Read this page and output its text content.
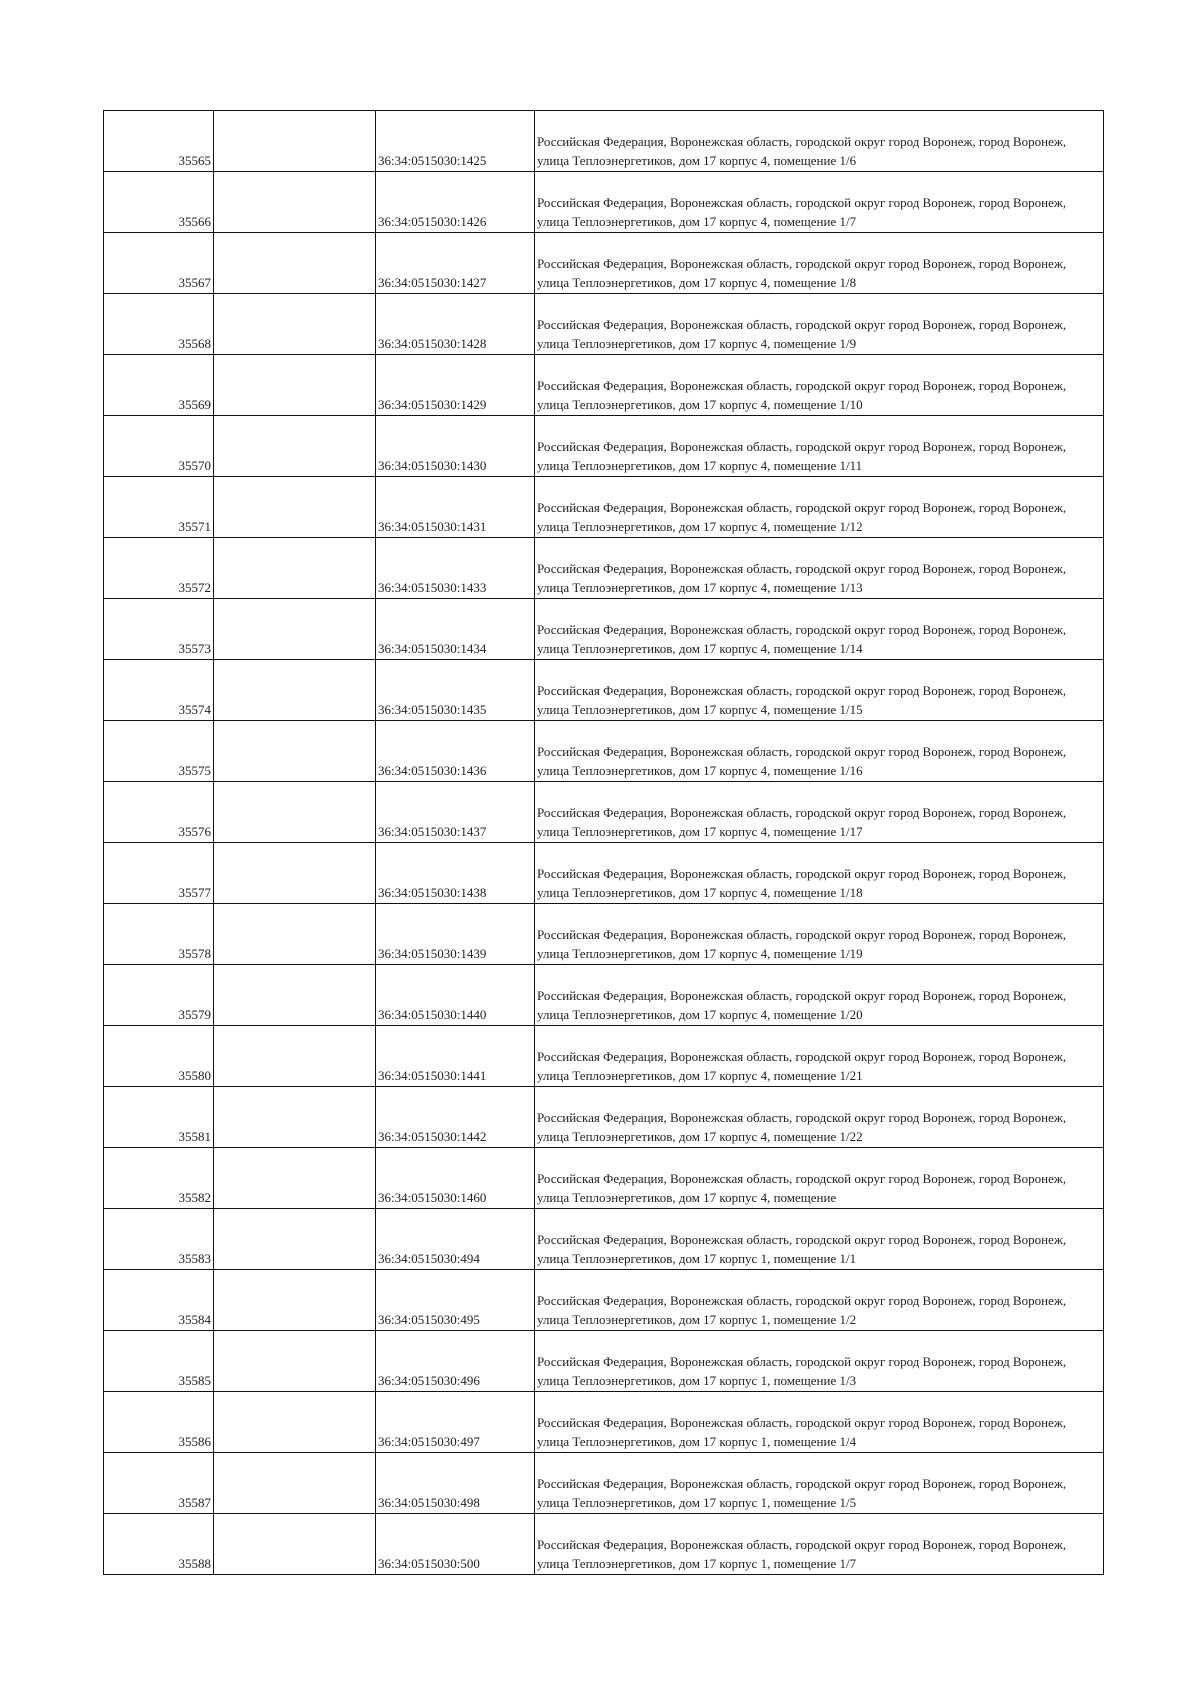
35565		36:34:0515030:1425	Российская Федерация, Воронежская область, городской округ город Воронеж, город Воронеж, улица Теплоэнергетиков, дом 17 корпус 4, помещение 1/6
35566		36:34:0515030:1426	Российская Федерация, Воронежская область, городской округ город Воронеж, город Воронеж, улица Теплоэнергетиков, дом 17 корпус 4, помещение 1/7
35567		36:34:0515030:1427	Российская Федерация, Воронежская область, городской округ город Воронеж, город Воронеж, улица Теплоэнергетиков, дом 17 корпус 4, помещение 1/8
35568		36:34:0515030:1428	Российская Федерация, Воронежская область, городской округ город Воронеж, город Воронеж, улица Теплоэнергетиков, дом 17 корпус 4, помещение 1/9
35569		36:34:0515030:1429	Российская Федерация, Воронежская область, городской округ город Воронеж, город Воронеж, улица Теплоэнергетиков, дом 17 корпус 4, помещение 1/10
35570		36:34:0515030:1430	Российская Федерация, Воронежская область, городской округ город Воронеж, город Воронеж, улица Теплоэнергетиков, дом 17 корпус 4, помещение 1/11
35571		36:34:0515030:1431	Российская Федерация, Воронежская область, городской округ город Воронеж, город Воронеж, улица Теплоэнергетиков, дом 17 корпус 4, помещение 1/12
35572		36:34:0515030:1433	Российская Федерация, Воронежская область, городской округ город Воронеж, город Воронеж, улица Теплоэнергетиков, дом 17 корпус 4, помещение 1/13
35573		36:34:0515030:1434	Российская Федерация, Воронежская область, городской округ город Воронеж, город Воронеж, улица Теплоэнергетиков, дом 17 корпус 4, помещение 1/14
35574		36:34:0515030:1435	Российская Федерация, Воронежская область, городской округ город Воронеж, город Воронеж, улица Теплоэнергетиков, дом 17 корпус 4, помещение 1/15
35575		36:34:0515030:1436	Российская Федерация, Воронежская область, городской округ город Воронеж, город Воронеж, улица Теплоэнергетиков, дом 17 корпус 4, помещение 1/16
35576		36:34:0515030:1437	Российская Федерация, Воронежская область, городской округ город Воронеж, город Воронеж, улица Теплоэнергетиков, дом 17 корпус 4, помещение 1/17
35577		36:34:0515030:1438	Российская Федерация, Воронежская область, городской округ город Воронеж, город Воронеж, улица Теплоэнергетиков, дом 17 корпус 4, помещение 1/18
35578		36:34:0515030:1439	Российская Федерация, Воронежская область, городской округ город Воронеж, город Воронеж, улица Теплоэнергетиков, дом 17 корпус 4, помещение 1/19
35579		36:34:0515030:1440	Российская Федерация, Воронежская область, городской округ город Воронеж, город Воронеж, улица Теплоэнергетиков, дом 17 корпус 4, помещение 1/20
35580		36:34:0515030:1441	Российская Федерация, Воронежская область, городской округ город Воронеж, город Воронеж, улица Теплоэнергетиков, дом 17 корпус 4, помещение 1/21
35581		36:34:0515030:1442	Российская Федерация, Воронежская область, городской округ город Воронеж, город Воронеж, улица Теплоэнергетиков, дом 17 корпус 4, помещение 1/22
35582		36:34:0515030:1460	Российская Федерация, Воронежская область, городской округ город Воронеж, город Воронеж, улица Теплоэнергетиков, дом 17 корпус 4, помещение
35583		36:34:0515030:494	Российская Федерация, Воронежская область, городской округ город Воронеж, город Воронеж, улица Теплоэнергетиков, дом 17 корпус 1, помещение 1/1
35584		36:34:0515030:495	Российская Федерация, Воронежская область, городской округ город Воронеж, город Воронеж, улица Теплоэнергетиков, дом 17 корпус 1, помещение 1/2
35585		36:34:0515030:496	Российская Федерация, Воронежская область, городской округ город Воронеж, город Воронеж, улица Теплоэнергетиков, дом 17 корпус 1, помещение 1/3
35586		36:34:0515030:497	Российская Федерация, Воронежская область, городской округ город Воронеж, город Воронеж, улица Теплоэнергетиков, дом 17 корпус 1, помещение 1/4
35587		36:34:0515030:498	Российская Федерация, Воронежская область, городской округ город Воронеж, город Воронеж, улица Теплоэнергетиков, дом 17 корпус 1, помещение 1/5
35588		36:34:0515030:500	Российская Федерация, Воронежская область, городской округ город Воронеж, город Воронеж, улица Теплоэнергетиков, дом 17 корпус 1, помещение 1/7
